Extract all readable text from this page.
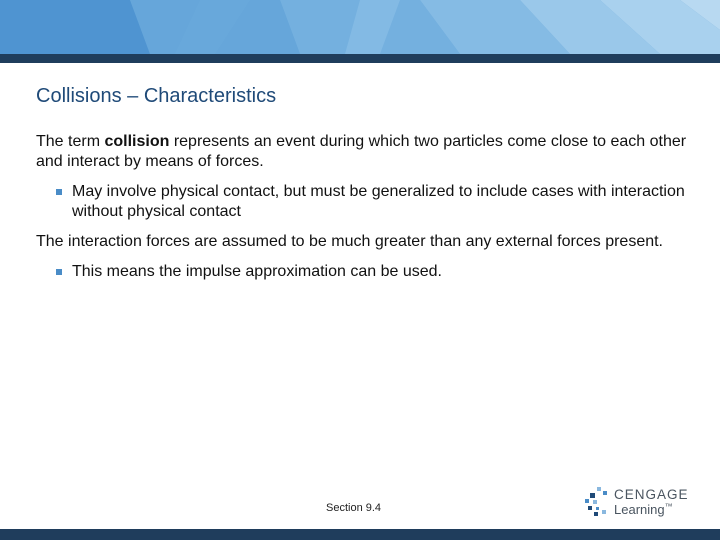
Collisions – Characteristics

The term collision represents an event during which two particles come close to each other and interact by means of forces.

May involve physical contact, but must be generalized to include cases with interaction without physical contact

The interaction forces are assumed to be much greater than any external forces present.

This means the impulse approximation can be used.
Section 9.4
CENGAGE
Learning™
